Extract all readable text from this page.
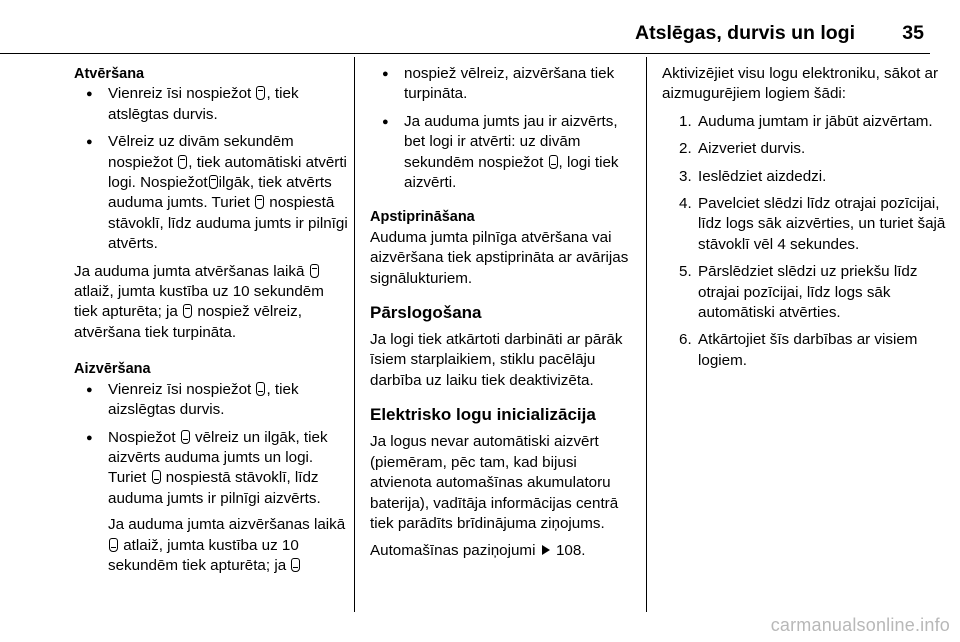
Atslēgas, durvis un logi 35

Atvēršana

● Vienreiz īsi nospiežot , tiek atslēgtas durvis.
● Vēlreiz uz divām sekundēm nospiežot , tiek automātiski atvērti logi. Nospiežot ilgāk, tiek atvērts auduma jumts. Turiet nospiestā stāvoklī, līdz auduma jumts ir pilnīgi atvērts.

Ja auduma jumta atvēršanas laikā  atlaiž, jumta kustība uz 10 sekundēm tiek apturēta; ja nospiež vēlreiz, atvēršana tiek turpināta.

Aizvēršana

● Vienreiz īsi nospiežot , tiek aizslēgtas durvis.
● Nospiežot vēlreiz un ilgāk, tiek aizvērts auduma jumts un logi. Turiet nospiestā stāvoklī, līdz auduma jumts ir pilnīgi aizvērts.

Ja auduma jumta aizvēršanas laikā  atlaiž, jumta kustība uz 10 sekundēm tiek apturēta; ja

● nospiež vēlreiz, aizvēršana tiek turpināta.
● Ja auduma jumts jau ir aizvērts, bet logi ir atvērti: uz divām sekundēm nospiežot , logi tiek aizvērti.

Apstiprināšana

Auduma jumta pilnīga atvēršana vai aizvēršana tiek apstiprināta ar avārijas signālukturiem.

Pārslogošana

Ja logi tiek atkārtoti darbināti ar pārāk īsiem starplaikiem, stiklu pacēlāju darbība uz laiku tiek deaktivizēta.

Elektrisko logu inicializācija

Ja logus nevar automātiski aizvērt (piemēram, pēc tam, kad bijusi atvienota automašīnas akumulatoru baterija), vadītāja informācijas centrā tiek parādīts brīdinājuma ziņojums.

Automašīnas paziņojumi 108.

Aktivizējiet visu logu elektroniku, sākot ar aizmugurējiem logiem šādi:

1. Auduma jumtam ir jābūt aizvērtam.
2. Aizveriet durvis.
3. Ieslēdziet aizdedzi.
4. Pavelciet slēdzi līdz otrajai pozīcijai, līdz logs sāk aizvērties, un turiet šajā stāvoklī vēl 4 sekundes.
5. Pārslēdziet slēdzi uz priekšu līdz otrajai pozīcijai, līdz logs sāk automātiski atvērties.
6. Atkārtojiet šīs darbības ar visiem logiem.
carmanualsonline.info
